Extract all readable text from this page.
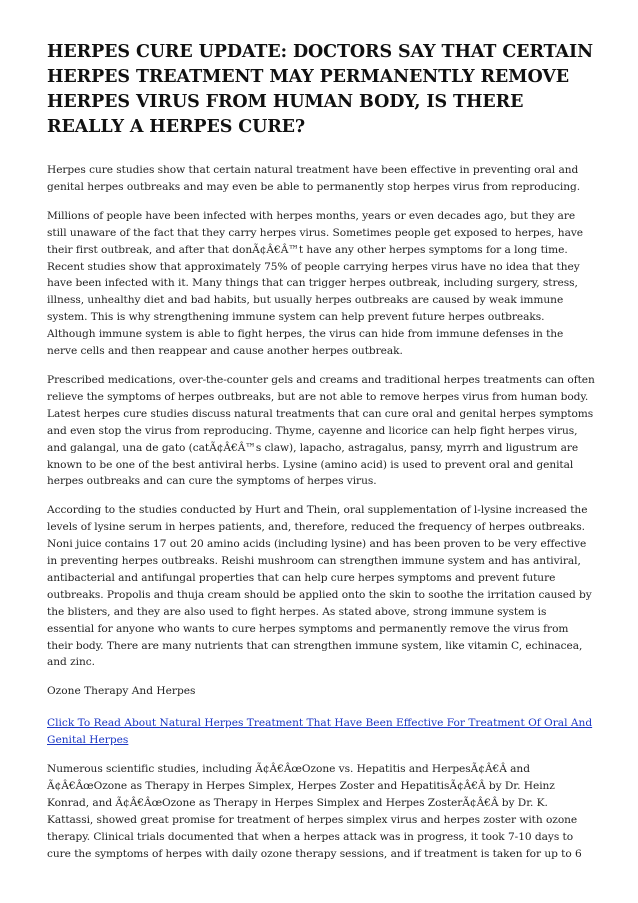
HERPES CURE UPDATE: DOCTORS SAY THAT CERTAIN HERPES TREATMENT MAY PERMANENTLY REMOVE HERPES VIRUS FROM HUMAN BODY, IS THERE REALLY A HERPES CURE?

Herpes cure studies show that certain natural treatment have been effective in preventing oral and genital herpes outbreaks and may even be able to permanently stop herpes virus from reproducing.

Millions of people have been infected with herpes months, years or even decades ago, but they are still unaware of the fact that they carry herpes virus. Sometimes people get exposed to herpes, have their first outbreak, and after that donÃ¢Â€Â™t have any other herpes symptoms for a long time. Recent studies show that approximately 75% of people carrying herpes virus have no idea that they have been infected with it. Many things that can trigger herpes outbreak, including surgery, stress, illness, unhealthy diet and bad habits, but usually herpes outbreaks are caused by weak immune system. This is why strengthening immune system can help prevent future herpes outbreaks. Although immune system is able to fight herpes, the virus can hide from immune defenses in the nerve cells and then reappear and cause another herpes outbreak.

Prescribed medications, over-the-counter gels and creams and traditional herpes treatments can often relieve the symptoms of herpes outbreaks, but are not able to remove herpes virus from human body. Latest herpes cure studies discuss natural treatments that can cure oral and genital herpes symptoms and even stop the virus from reproducing. Thyme, cayenne and licorice can help fight herpes virus, and galangal, una de gato (catÃ¢Â€Â™s claw), lapacho, astragalus, pansy, myrrh and ligustrum are known to be one of the best antiviral herbs. Lysine (amino acid) is used to prevent oral and genital herpes outbreaks and can cure the symptoms of herpes virus.

According to the studies conducted by Hurt and Thein, oral supplementation of l-lysine increased the levels of lysine serum in herpes patients, and, therefore, reduced the frequency of herpes outbreaks. Noni juice contains 17 out 20 amino acids (including lysine) and has been proven to be very effective in preventing herpes outbreaks. Reishi mushroom can strengthen immune system and has antiviral, antibacterial and antifungal properties that can help cure herpes symptoms and prevent future outbreaks. Propolis and thuja cream should be applied onto the skin to soothe the irritation caused by the blisters, and they are also used to fight herpes. As stated above, strong immune system is essential for anyone who wants to cure herpes symptoms and permanently remove the virus from their body. There are many nutrients that can strengthen immune system, like vitamin C, echinacea, and zinc.

Ozone Therapy And Herpes

Click To Read About Natural Herpes Treatment That Have Been Effective For Treatment Of Oral And Genital Herpes

Numerous scientific studies, including Ã¢Â€ÂœOzone vs. Hepatitis and HerpesÃ¢Â€Â and Ã¢Â€ÂœOzone as Therapy in Herpes Simplex, Herpes Zoster and HepatitisÃ¢Â€Â by Dr. Heinz Konrad, and Ã¢Â€ÂœOzone as Therapy in Herpes Simplex and Herpes ZosterÃ¢Â€Â by Dr. K. Kattassi, showed great promise for treatment of herpes simplex virus and herpes zoster with ozone therapy. Clinical trials documented that when a herpes attack was in progress, it took 7-10 days to cure the symptoms of herpes with daily ozone therapy sessions, and if treatment is taken for up to 6
